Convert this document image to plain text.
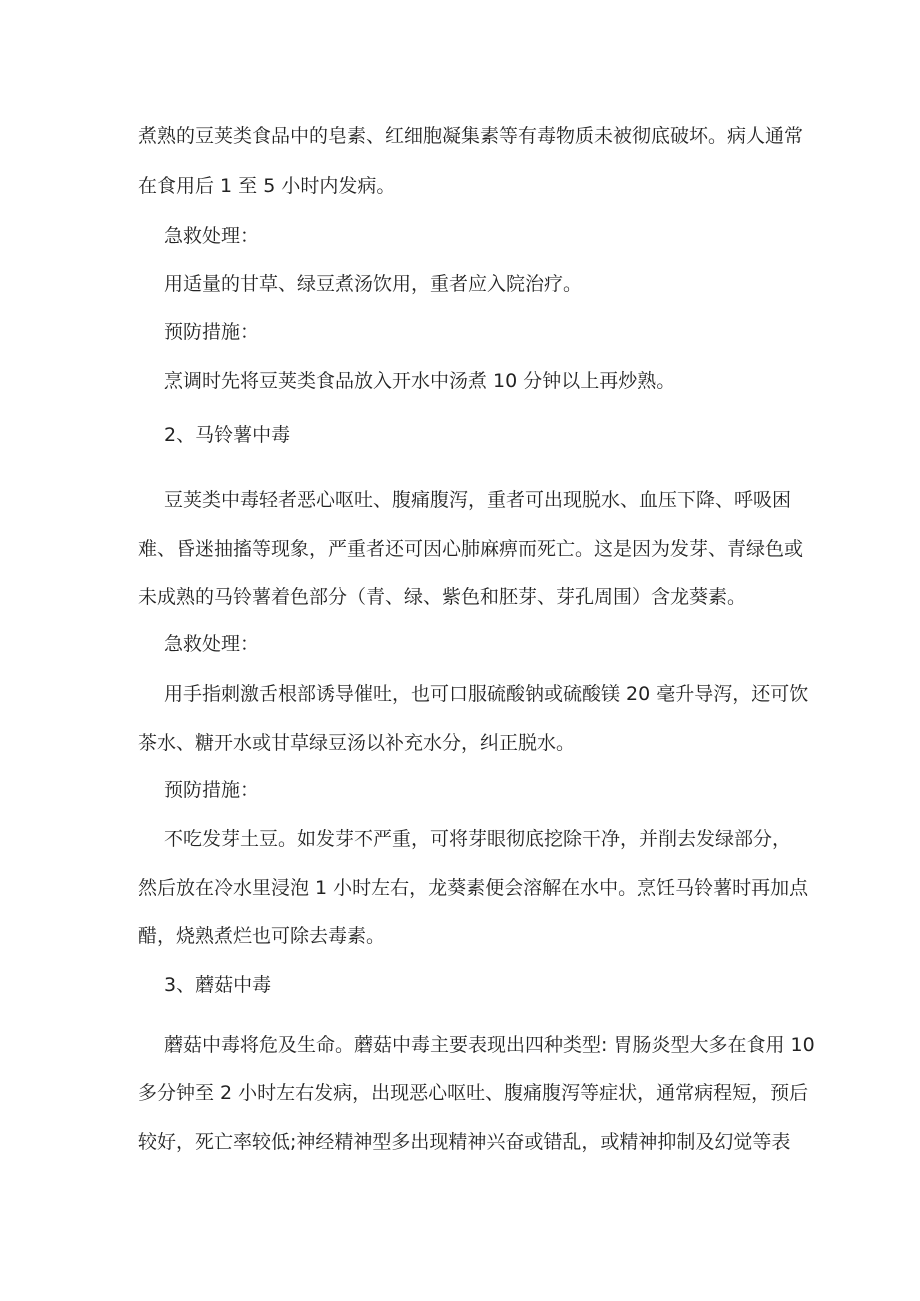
煮熟的豆荚类食品中的皂素、红细胞凝集素等有毒物质未被彻底破坏。病人通常
在食用后 1 至 5 小时内发病。
急救处理：
用适量的甘草、绿豆煮汤饮用，重者应入院治疗。
预防措施：
烹调时先将豆荚类食品放入开水中汤煮 10 分钟以上再炒熟。
2、马铃薯中毒
豆荚类中毒轻者恶心呕吐、腹痛腹泻，重者可出现脱水、血压下降、呼吸困
难、昏迷抽搐等现象，严重者还可因心肺麻痹而死亡。这是因为发芽、青绿色或
未成熟的马铃薯着色部分（青、绿、紫色和胚芽、芽孔周围）含龙葵素。
急救处理：
用手指刺激舌根部诱导催吐，也可口服硫酸钠或硫酸镁 20 毫升导泻，还可饮
茶水、糖开水或甘草绿豆汤以补充水分，纠正脱水。
预防措施：
不吃发芽土豆。如发芽不严重，可将芽眼彻底挖除干净，并削去发绿部分，
然后放在冷水里浸泡 1 小时左右，龙葵素便会溶解在水中。烹饪马铃薯时再加点
醋，烧熟煮烂也可除去毒素。
3、蘑菇中毒
蘑菇中毒将危及生命。蘑菇中毒主要表现出四种类型: 胃肠炎型大多在食用 10
多分钟至 2 小时左右发病，出现恶心呕吐、腹痛腹泻等症状，通常病程短，预后
较好，死亡率较低;神经精神型多出现精神兴奋或错乱，或精神抑制及幻觉等表
